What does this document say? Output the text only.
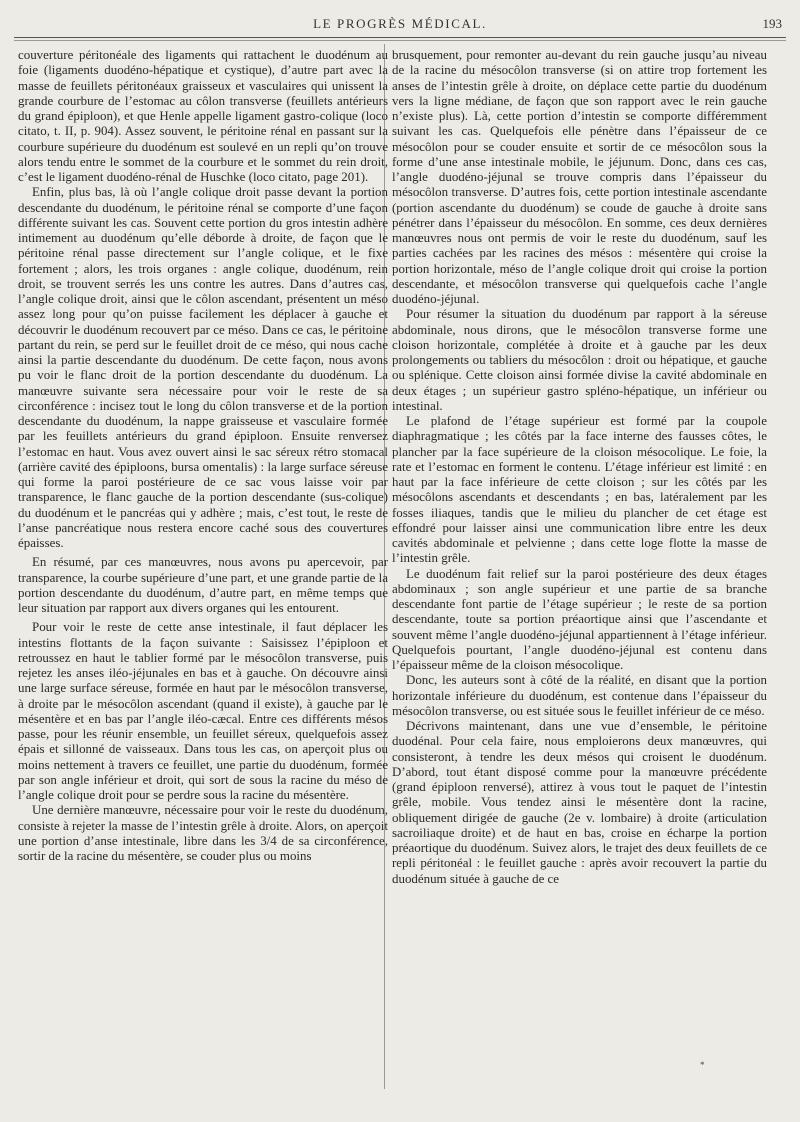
LE PROGRÈS MÉDICAL.	193

couverture péritonéale des ligaments qui rattachent le duodénum au foie (ligaments duodéno-hépatique et cystique), d’autre part avec la masse de feuillets péritonéaux graisseux et vasculaires qui unissent la grande courbure de l’estomac au côlon transverse (feuillets antérieurs du grand épiploon), et que Henle appelle ligament gastro-colique (loco citato, t. II, p. 904). Assez souvent, le péritoine rénal en passant sur la courbure supérieure du duodénum est soulevé en un repli qu’on trouve alors tendu entre le sommet de la courbure et le sommet du rein droit, c’est le ligament duodéno-rénal de Huschke (loco citato, page 201).

Enfin, plus bas, là où l’angle colique droit passe devant la portion descendante du duodénum, le péritoine rénal se comporte d’une façon différente suivant les cas. Souvent cette portion du gros intestin adhère intimement au duodénum qu’elle déborde à droite, de façon que le péritoine rénal passe directement sur l’angle colique, et le fixe fortement ; alors, les trois organes : angle colique, duodénum, rein droit, se trouvent serrés les uns contre les autres. Dans d’autres cas, l’angle colique droit, ainsi que le côlon ascendant, présentent un méso assez long pour qu’on puisse facilement les déplacer à gauche et découvrir le duodénum recouvert par ce méso. Dans ce cas, le péritoine partant du rein, se perd sur le feuillet droit de ce méso, qui nous cache ainsi la partie descendante du duodénum. De cette façon, nous avons pu voir le flanc droit de la portion descendante du duodénum. La manœuvre suivante sera nécessaire pour voir le reste de sa circonférence : incisez tout le long du côlon transverse et de la portion descendante du duodénum, la nappe graisseuse et vasculaire formée par les feuillets antérieurs du grand épiploon. Ensuite renversez l’estomac en haut. Vous avez ouvert ainsi le sac séreux rétro stomacal (arrière cavité des épiploons, bursa omentalis) : la large surface séreuse qui forme la paroi postérieure de ce sac vous laisse voir par transparence, le flanc gauche de la portion descendante (sus-colique) du duodénum et le pancréas qui y adhère ; mais, c’est tout, le reste de l’anse pancréatique nous restera encore caché sous des couvertures épaisses.

En résumé, par ces manœuvres, nous avons pu apercevoir, par transparence, la courbe supérieure d’une part, et une grande partie de la portion descendante du duodénum, d’autre part, en même temps que leur situation par rapport aux divers organes qui les entourent.

Pour voir le reste de cette anse intestinale, il faut déplacer les intestins flottants de la façon suivante : Saisissez l’épiploon et retroussez en haut le tablier formé par le mésocôlon transverse, puis rejetez les anses iléo-jéjunales en bas et à gauche. On découvre ainsi une large surface séreuse, formée en haut par le mésocôlon transverse, à droite par le mésocôlon ascendant (quand il existe), à gauche par le mésentère et en bas par l’angle iléo-cæcal. Entre ces différents mésos passe, pour les réunir ensemble, un feuillet séreux, quelquefois assez épais et sillonné de vaisseaux. Dans tous les cas, on aperçoit plus ou moins nettement à travers ce feuillet, une partie du duodénum, formée par son angle inférieur et droit, qui sort de sous la racine du méso de l’angle colique droit pour se perdre sous la racine du mésentère.

Une dernière manœuvre, nécessaire pour voir le reste du duodénum, consiste à rejeter la masse de l’intestin grêle à droite. Alors, on aperçoit une portion d’anse intestinale, libre dans les 3/4 de sa circonférence, sortir de la racine du mésentère, se couder plus ou moins

brusquement, pour remonter au-devant du rein gauche jusqu’au niveau de la racine du mésocôlon transverse (si on attire trop fortement les anses de l’intestin grêle à droite, on déplace cette partie du duodénum vers la ligne médiane, de façon que son rapport avec le rein gauche n’existe plus). Là, cette portion d’intestin se comporte différemment suivant les cas. Quelquefois elle pénètre dans l’épaisseur de ce mésocôlon pour se couder ensuite et sortir de ce mésocôlon sous la forme d’une anse intestinale mobile, le jéjunum. Donc, dans ces cas, l’angle duodéno-jéjunal se trouve compris dans l’épaisseur du mésocôlon transverse. D’autres fois, cette portion intestinale ascendante (portion ascendante du duodénum) se coude de gauche à droite sans pénétrer dans l’épaisseur du mésocôlon. En somme, ces deux dernières manœuvres nous ont permis de voir le reste du duodénum, sauf les parties cachées par les racines des mésos : mésentère qui croise la portion horizontale, méso de l’angle colique droit qui croise la portion descendante, et mésocôlon transverse qui quelquefois cache l’angle duodéno-jéjunal.

Pour résumer la situation du duodénum par rapport à la séreuse abdominale, nous dirons, que le mésocôlon transverse forme une cloison horizontale, complétée à droite et à gauche par les deux prolongements ou tabliers du mésocôlon : droit ou hépatique, et gauche ou splénique. Cette cloison ainsi formée divise la cavité abdominale en deux étages ; un supérieur gastro spléno-hépatique, un inférieur ou intestinal.

Le plafond de l’étage supérieur est formé par la coupole diaphragmatique ; les côtés par la face interne des fausses côtes, le plancher par la face supérieure de la cloison mésocolique. Le foie, la rate et l’estomac en forment le contenu. L’étage inférieur est limité : en haut par la face inférieure de cette cloison ; sur les côtés par les mésocôlons ascendants et descendants ; en bas, latéralement par les fosses iliaques, tandis que le milieu du plancher de cet étage est effondré pour laisser ainsi une communication libre entre les deux cavités abdominale et pelvienne ; dans cette loge flotte la masse de l’intestin grêle.

Le duodénum fait relief sur la paroi postérieure des deux étages abdominaux ; son angle supérieur et une partie de sa branche descendante font partie de l’étage supérieur ; le reste de sa portion descendante, toute sa portion préaortique ainsi que l’ascendante et souvent même l’angle duodéno-jéjunal appartiennent à l’étage inférieur. Quelquefois pourtant, l’angle duodéno-jéjunal est contenu dans l’épaisseur même de la cloison mésocolique.

Donc, les auteurs sont à côté de la réalité, en disant que la portion horizontale inférieure du duodénum, est contenue dans l’épaisseur du mésocôlon transverse, ou est située sous le feuillet inférieur de ce méso.

Décrivons maintenant, dans une vue d’ensemble, le péritoine duodénal. Pour cela faire, nous emploierons deux manœuvres, qui consisteront, à tendre les deux mésos qui croisent le duodénum. D’abord, tout étant disposé comme pour la manœuvre précédente (grand épiploon renversé), attirez à vous tout le paquet de l’intestin grêle, mobile. Vous tendez ainsi le mésentère dont la racine, obliquement dirigée de gauche (2e v. lombaire) à droite (articulation sacroiliaque droite) et de haut en bas, croise en écharpe la portion préaortique du duodénum. Suivez alors, le trajet des deux feuillets de ce repli péritonéal : le feuillet gauche : après avoir recouvert la partie du duodénum située à gauche de ce

*
